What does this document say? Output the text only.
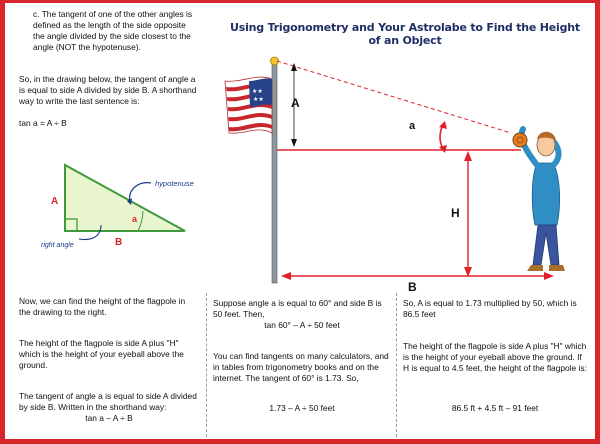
c. The tangent of one of the other angles is defined as the length of the side opposite the angle divided by the side closest to the angle (NOT the hypotenuse).
So, in the drawing below, the tangent of angle a is equal to side A divided by side B. A shorthand way to write the last sentence is:
tan a = A ÷ B
hypotenuse
A
B
a
right angle
Using Trigonometry and Your Astrolabe to Find the Height of an Object
★★
★★ A
a
H
B
Now, we can find the height of the flagpole in the drawing to the right.
The height of the flagpole is side A plus "H" which is the height of your eyeball above the ground.
The tangent of angle a is equal to side A divided by side B. Written in the shorthand way:
tan a – A ÷ B
Suppose angle a is equal to 60° and side B is 50 feet. Then,
tan 60° – A ÷ 50 feet
You can find tangents on many calculators, and in tables from trigonometry books and on the internet. The tangent of 60° is 1.73. So,
1.73 – A ÷ 50 feet
So, A is equal to 1.73 multiplied by 50, which is 86.5 feet
The height of the flagpole is side A plus "H" which is the height of your eyeball above the ground. If H is equal to 4.5 feet, the height of the flagpole is:
86.5 ft + 4.5 ft – 91 feet
